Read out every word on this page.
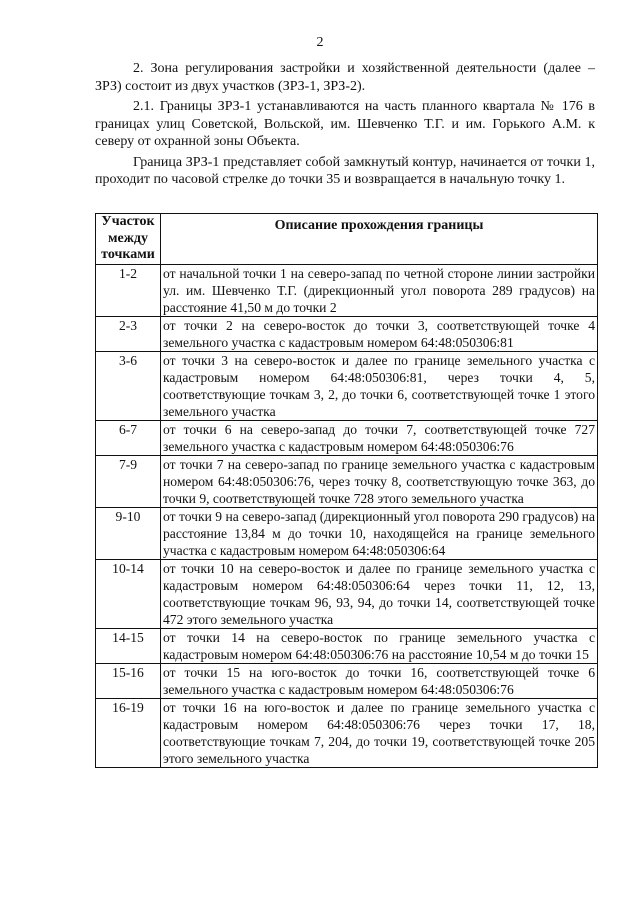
2

2. Зона регулирования застройки и хозяйственной деятельности (далее – ЗРЗ) состоит из двух участков (ЗРЗ-1, ЗРЗ-2).

2.1. Границы ЗРЗ-1 устанавливаются на часть планного квартала № 176 в границах улиц Советской, Вольской, им. Шевченко Т.Г. и им. Горького А.М. к северу от охранной зоны Объекта.

Граница ЗРЗ-1 представляет собой замкнутый контур, начинается от точки 1, проходит по часовой стрелке до точки 35 и возвращается в начальную точку 1.

Участок между точками	Описание прохождения границы

1-2	от начальной точки 1 на северо-запад по четной стороне линии застройки ул. им. Шевченко Т.Г. (дирекционный угол поворота 289 градусов) на расстояние 41,50 м до точки 2
2-3	от точки 2 на северо-восток до точки 3, соответствующей точке 4 земельного участка с кадастровым номером 64:48:050306:81
3-6	от точки 3 на северо-восток и далее по границе земельного участка с кадастровым номером 64:48:050306:81, через точки 4, 5, соответствующие точкам 3, 2, до точки 6, соответствующей точке 1 этого земельного участка
6-7	от точки 6 на северо-запад до точки 7, соответствующей точке 727 земельного участка с кадастровым номером 64:48:050306:76
7-9	от точки 7 на северо-запад по границе земельного участка с кадастровым номером 64:48:050306:76, через точку 8, соответствующую точке 363, до точки 9, соответствующей точке 728 этого земельного участка
9-10	от точки 9 на северо-запад (дирекционный угол поворота 290 градусов) на расстояние 13,84 м до точки 10, находящейся на границе земельного участка с кадастровым номером 64:48:050306:64
10-14	от точки 10 на северо-восток и далее по границе земельного участка с кадастровым номером 64:48:050306:64 через точки 11, 12, 13, соответствующие точкам 96, 93, 94, до точки 14, соответствующей точке 472 этого земельного участка
14-15	от точки 14 на северо-восток по границе земельного участка с кадастровым номером 64:48:050306:76 на расстояние 10,54 м до точки 15
15-16	от точки 15 на юго-восток до точки 16, соответствующей точке 6 земельного участка с кадастровым номером 64:48:050306:76
16-19	от точки 16 на юго-восток и далее по границе земельного участка с кадастровым номером 64:48:050306:76 через точки 17, 18, соответствующие точкам 7, 204, до точки 19, соответствующей точке 205 этого земельного участка
